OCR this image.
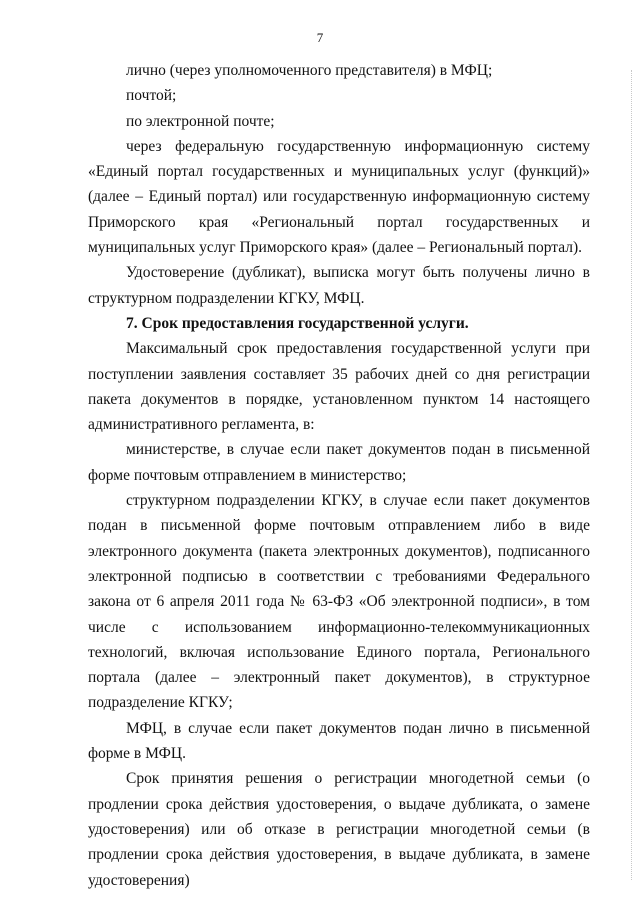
7

лично (через уполномоченного представителя) в МФЦ;

почтой;

по электронной почте;

через федеральную государственную информационную систему «Единый портал государственных и муниципальных услуг (функций)» (далее – Единый портал) или государственную информационную систему Приморского края «Региональный портал государственных и муниципальных услуг Приморского края» (далее – Региональный портал).

Удостоверение (дубликат), выписка могут быть получены лично в структурном подразделении КГКУ, МФЦ.

7. Срок предоставления государственной услуги.

Максимальный срок предоставления государственной услуги при поступлении заявления составляет 35 рабочих дней со дня регистрации пакета документов в порядке, установленном пунктом 14 настоящего административного регламента, в:

министерстве, в случае если пакет документов подан в письменной форме почтовым отправлением в министерство;

структурном подразделении КГКУ, в случае если пакет документов подан в письменной форме почтовым отправлением либо в виде электронного документа (пакета электронных документов), подписанного электронной подписью в соответствии с требованиями Федерального закона от 6 апреля 2011 года № 63-ФЗ «Об электронной подписи», в том числе с использованием информационно-телекоммуникационных технологий, включая использование Единого портала, Регионального портала (далее – электронный пакет документов), в структурное подразделение КГКУ;

МФЦ, в случае если пакет документов подан лично в письменной форме в МФЦ.

Срок принятия решения о регистрации многодетной семьи (о продлении срока действия удостоверения, о выдаче дубликата, о замене удостоверения) или об отказе в регистрации многодетной семьи (в продлении срока действия удостоверения, в выдаче дубликата, в замене удостоверения)
